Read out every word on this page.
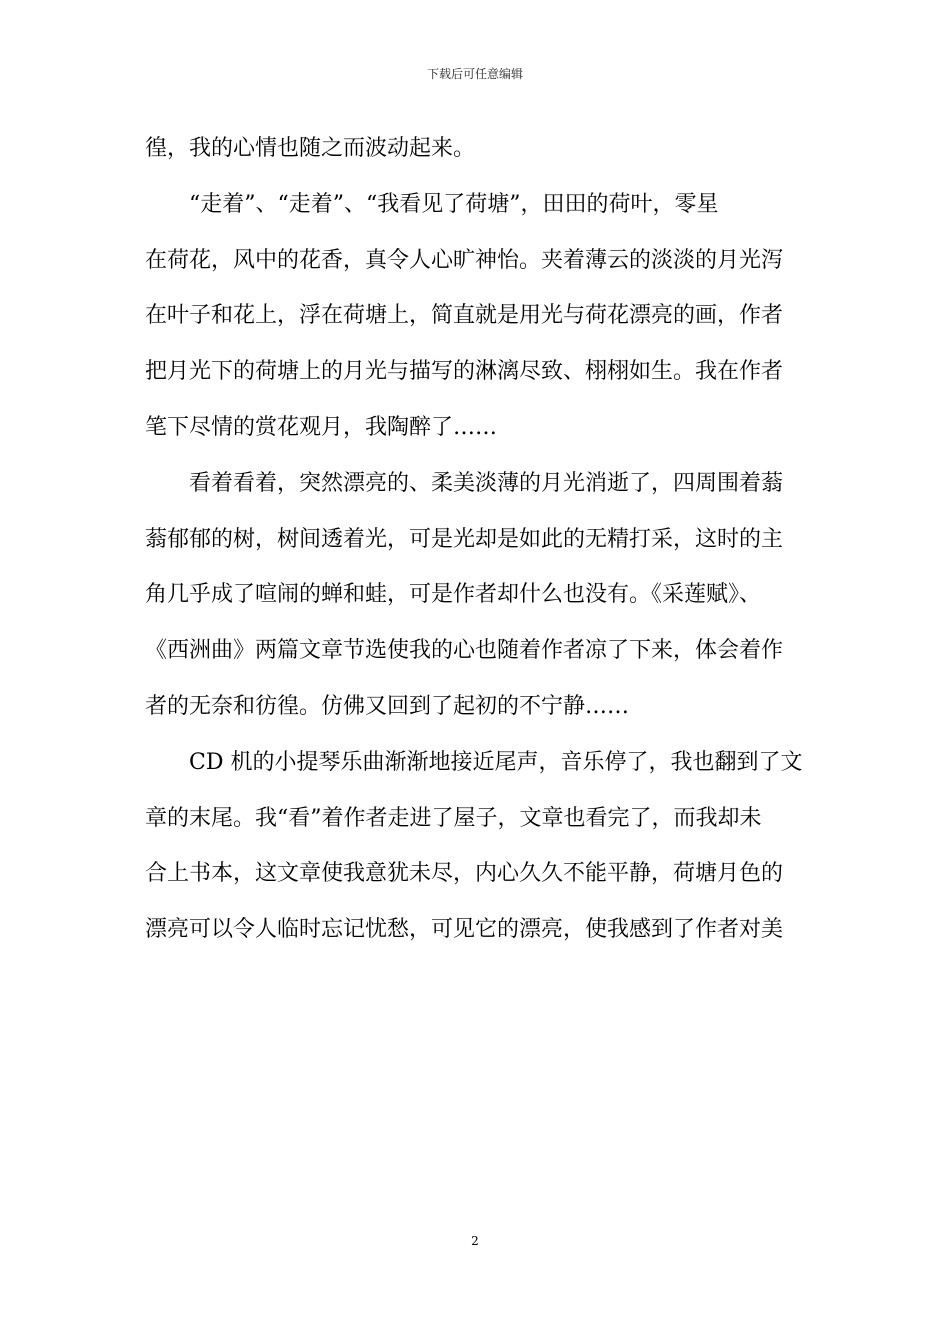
下载后可任意编辑
徨，我的心情也随之而波动起来。
“走着”、“走着”、“我看见了荷塘”，田田的荷叶，零星
在荷花，风中的花香，真令人心旷神怡。夹着薄云的淡淡的月光泻
在叶子和花上，浮在荷塘上，简直就是用光与荷花漂亮的画，作者
把月光下的荷塘上的月光与描写的淋漓尽致、栩栩如生。我在作者
笔下尽情的赏花观月，我陶醉了……
看着看着，突然漂亮的、柔美淡薄的月光消逝了，四周围着蓊
蓊郁郁的树，树间透着光，可是光却是如此的无精打采，这时的主
角几乎成了喧闹的蝉和蛙，可是作者却什么也没有。《采莲赋》、
《西洲曲》两篇文章节选使我的心也随着作者凉了下来，体会着作
者的无奈和彷徨。仿佛又回到了起初的不宁静……
CD 机的小提琴乐曲渐渐地接近尾声，音乐停了，我也翻到了文
章的末尾。我“看”着作者走进了屋子，文章也看完了，而我却未
合上书本，这文章使我意犹未尽，内心久久不能平静，荷塘月色的
漂亮可以令人临时忘记忧愁，可见它的漂亮，使我感到了作者对美
2
